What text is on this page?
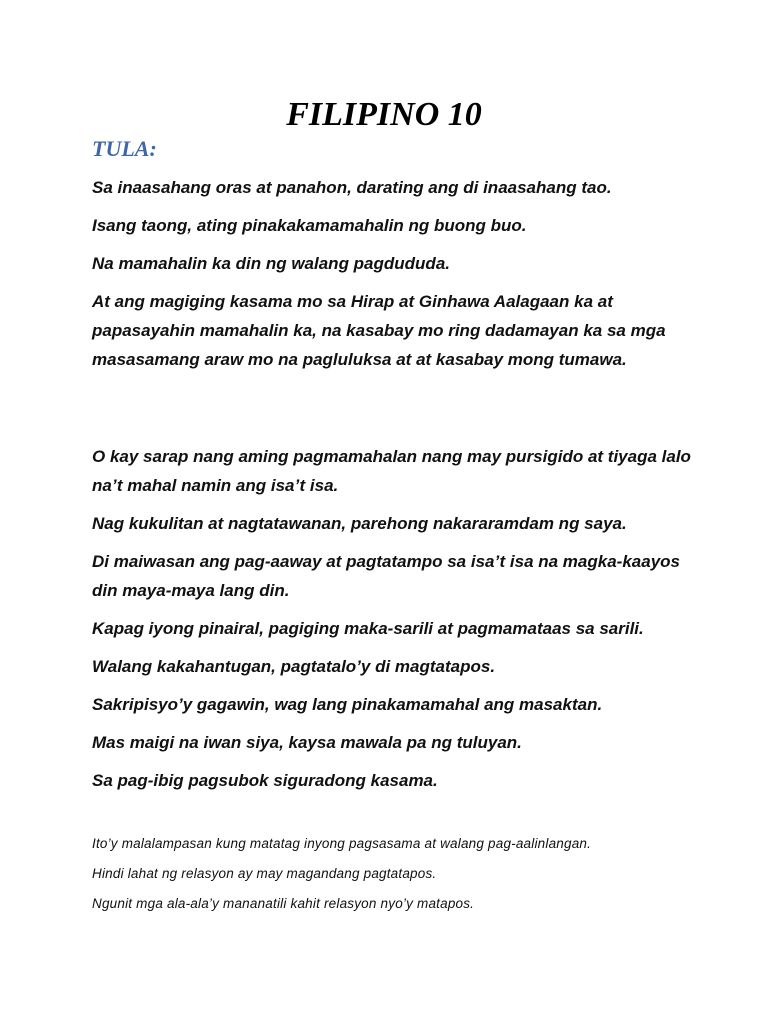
FILIPINO 10
TULA:

Sa inaasahang oras at panahon, darating ang di inaasahang tao.

Isang taong, ating pinakakamamahalin ng buong buo.

Na mamahalin ka din ng walang pagdududa.

At ang magiging kasama mo sa Hirap at Ginhawa Aalagaan ka at papasayahin mamahalin ka, na kasabay mo ring dadamayan ka sa mga masasamang araw mo na pagluluksa at at kasabay mong tumawa.

O kay sarap nang aming pagmamahalan nang may pursigido at tiyaga lalo na’t mahal namin ang isa’t isa.

Nag kukulitan at nagtatawanan, parehong nakararamdam ng saya.

Di maiwasan ang pag-aaway at pagtatampo sa isa’t isa na magka-kaayos din maya-maya lang din.

Kapag iyong pinairal, pagiging maka-sarili at pagmamataas sa sarili.

Walang kakahantugan, pagtatalo’y di magtatapos.

Sakripisyo’y gagawin, wag lang pinakamamahal ang masaktan.

Mas maigi na iwan siya, kaysa mawala pa ng tuluyan.

Sa pag-ibig pagsubok siguradong kasama.

Ito’y malalampasan kung matatag inyong pagsasama at walang pag-aalinlangan.

Hindi lahat ng relasyon ay may magandang pagtatapos.

Ngunit mga ala-ala’y mananatili kahit relasyon nyo’y matapos.
